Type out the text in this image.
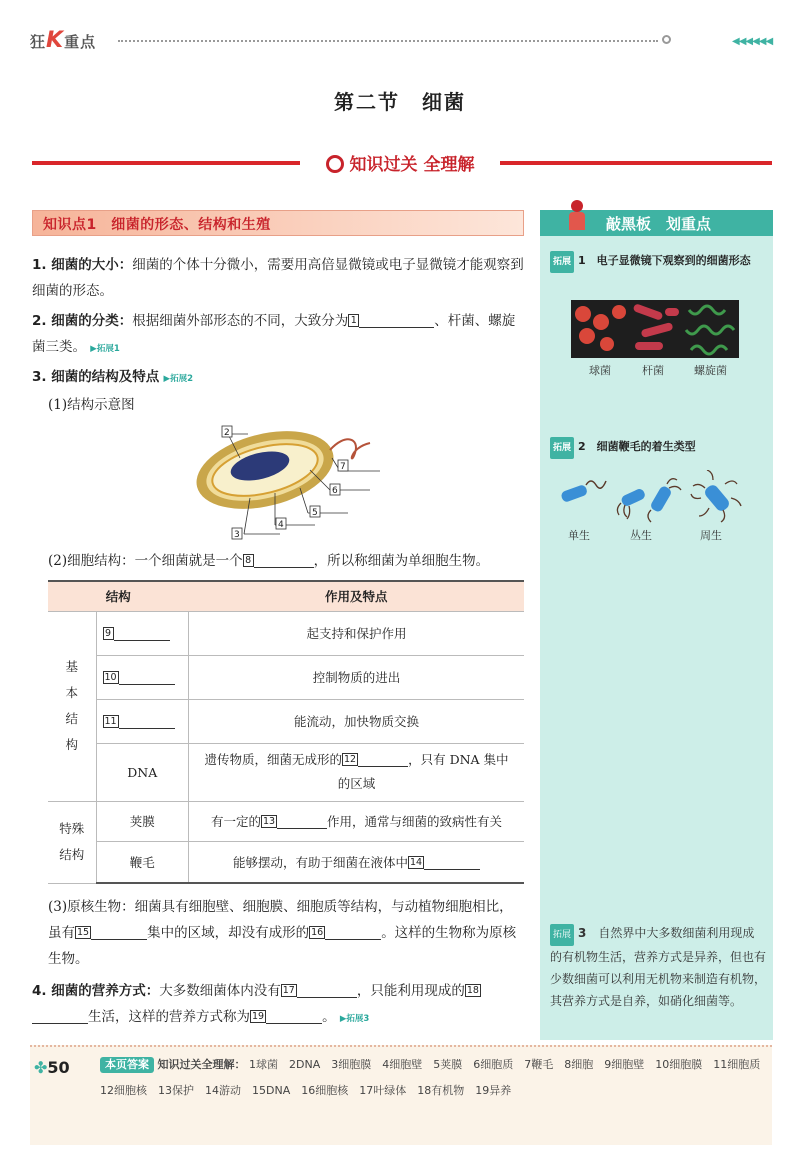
狂K重点	◀◀◀◀◀◀
第二节　细菌
知识过关 全理解
知识点1　细菌的形态、结构和生殖
1. 细菌的大小：细菌的个体十分微小，需要用高倍显微镜或电子显微镜才能观察到细菌的形态。
2. 细菌的分类：根据细菌外部形态的不同，大致分为 1	、杆菌、螺旋菌三类。 ▶拓展1
3. 细菌的结构及特点 ▶拓展2
(1)结构示意图
2
7
6
5
4
3
(2)细胞结构：一个细菌就是一个 8	，所以称细菌为单细胞生物。
结构		作用及特点
基
本
结
构	9	起支持和保护作用
	10	控制物质的进出
	11	能流动，加快物质交换
	DNA	遗传物质，细菌无成形的 12 ，只有 DNA 集中
的区域
特殊
结构	荚膜	有一定的 13 作用，通常与细菌的致病性有关
	鞭毛	能够摆动，有助于细菌在液体中 14
(3)原核生物：细菌具有细胞壁、细胞膜、细胞质等结构，与动植物细胞相比，虽有 15	集中的区域，却没有成形的 16	。这样的生物称为原核生物。
4. 细菌的营养方式：大多数细菌体内没有 17	，只能利用现成的 18生活，这样的营养方式称为 19	。 ▶拓展3
敲黑板　划重点
拓展 1　 电子显微镜下观察到的细菌形态
球菌	杆菌	螺旋菌
拓展 2　 细菌鞭毛的着生类型
单生	丛生	周生
拓展 3　 自然界中大多数细菌利用现成的有机物生活，营养方式是异养，但也有少数细菌可以利用无机物来制造有机物，其营养方式是自养，如硝化细菌等。
✤50	本页答案 知识过关全理解： 1球菌　 2DNA　 3细胞膜　 4细胞壁　 5荚膜　 6细胞质　 7鞭毛　 8细胞　 9细胞壁　 10细胞膜　 11细胞质　12细胞核　 13保护　 14游动　 15DNA　 16细胞核　 17叶绿体　 18有机物　 19异养
